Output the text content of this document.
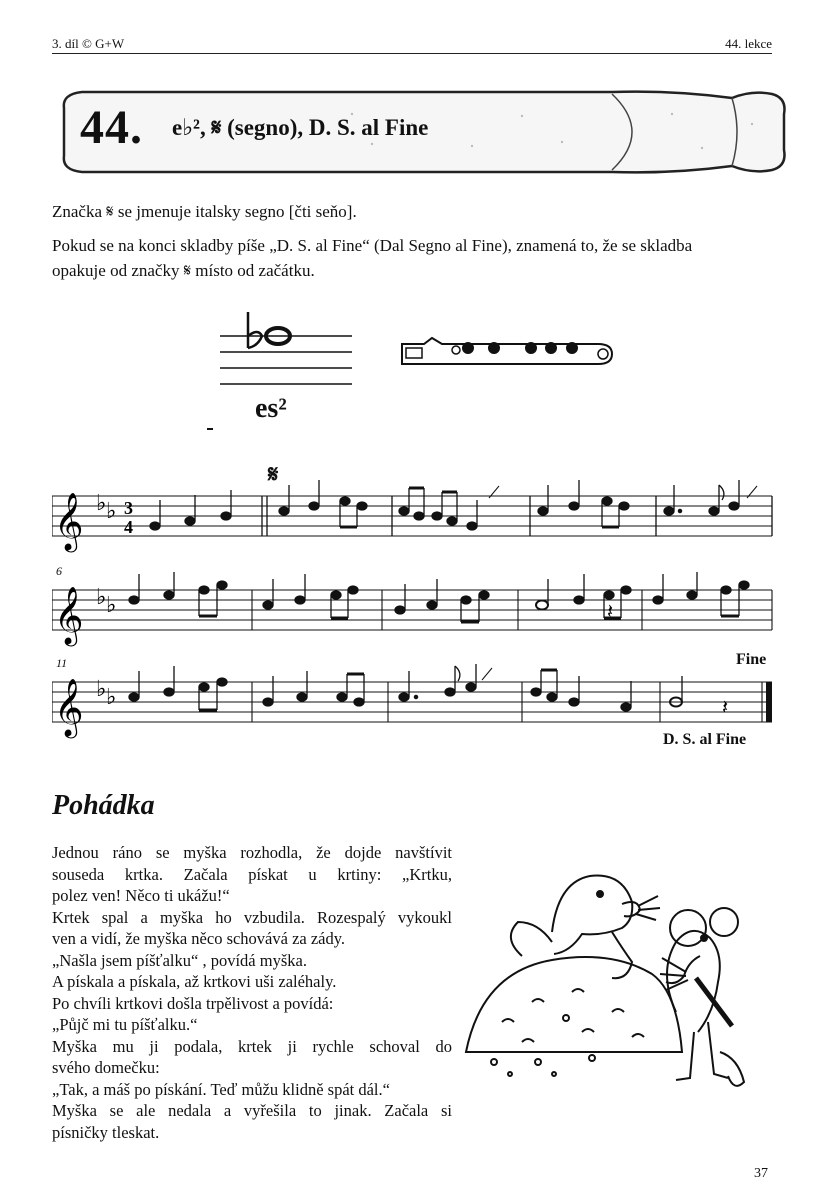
3. díl © G+W	44. lekce
44. e♭², 𝄋 (segno), D. S. al Fine
Značka 𝄋 se jmenuje italsky segno [čti seňo].
Pokud se na konci skladby píše „D. S. al Fine“ (Dal Segno al Fine), znamená to, že se skladba
opakuje od značky 𝄋 místo od začátku.
es²
𝄋
𝄞 ♭ ♭ 3
4
6
𝄞 ♭ ♭	𝄽
11	Fine
𝄞 ♭ ♭	𝄽
D. S. al Fine
Pohádka

Jednou ráno se myška rozhodla, že dojde navštívit

souseda krtka. Začala pískat u krtiny: „Krtku,

polez ven! Něco ti ukážu!“

Krtek spal a myška ho vzbudila. Rozespalý vykoukl

ven a vidí, že myška něco schovává za zády.

„Našla jsem píšťalku“ , povídá myška.

A pískala a pískala, až krtkovi uši zaléhaly.

Po chvíli krtkovi došla trpělivost a povídá:

„Půjč mi tu píšťalku.“

Myška mu ji podala, krtek ji rychle schoval do

svého domečku:

„Tak, a máš po pískání. Teď můžu klidně spát dál.“

Myška se ale nedala a vyřešila to jinak. Začala si

písničky tleskat.

37
